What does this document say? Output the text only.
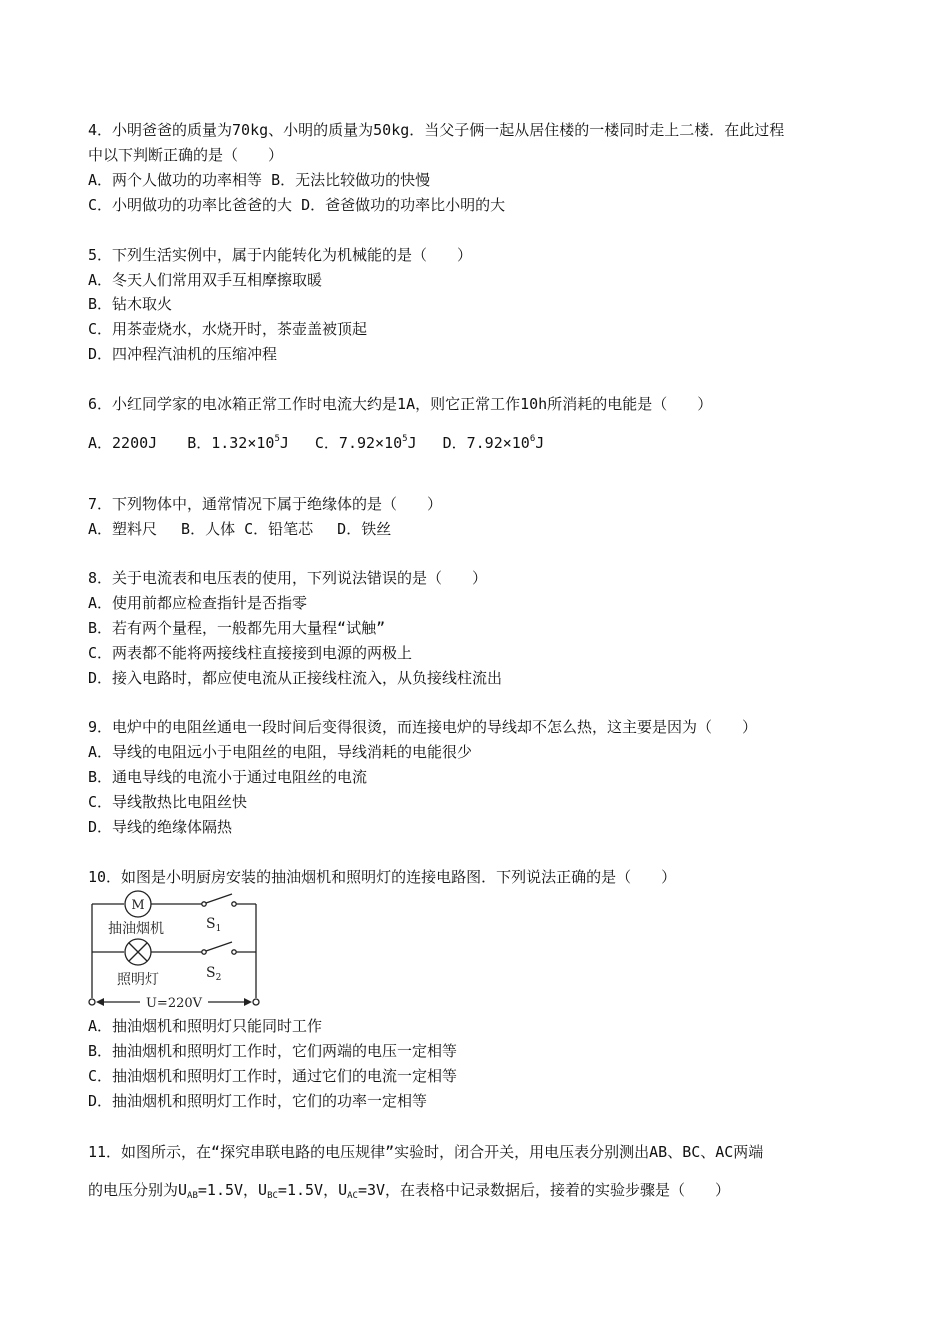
4．小明爸爸的质量为70kg、小明的质量为50kg．当父子俩一起从居住楼的一楼同时走上二楼．在此过程
中以下判断正确的是（　　）
A．两个人做功的功率相等 B．无法比较做功的快慢
C．小明做功的功率比爸爸的大 D．爸爸做功的功率比小明的大
5．下列生活实例中，属于内能转化为机械能的是（　　）
A．冬天人们常用双手互相摩擦取暖
B．钻木取火
C．用茶壶烧水，水烧开时，茶壶盖被顶起
D．四冲程汽油机的压缩冲程
6．小红同学家的电冰箱正常工作时电流大约是1A，则它正常工作10h所消耗的电能是（　　）
A．2200J B．$1.32\times 10^5J$ C．$7.92\times 10^5J$ D．$7.92\times 10^6J$
7．下列物体中，通常情况下属于绝缘体的是（　　）
A．塑料尺　 B．人体 C．铅笔芯　 D．铁丝
8．关于电流表和电压表的使用，下列说法错误的是（　　）
A．使用前都应检查指针是否指零
B．若有两个量程，一般都先用大量程“试触”
C．两表都不能将两接线柱直接接到电源的两极上
D．接入电路时，都应使电流从正接线柱流入，从负接线柱流出
9．电炉中的电阻丝通电一段时间后变得很烫，而连接电炉的导线却不怎么热，这主要是因为（　　）
A．导线的电阻远小于电阻丝的电阻，导线消耗的电能很少
B．通电导线的电流小于通过电阻丝的电流
C．导线散热比电阻丝快
D．导线的绝缘体隔热
10．如图是小明厨房安装的抽油烟机和照明灯的连接电路图．下列说法正确的是（　　）
M
抽油烟机
照明灯
$S_1$
$S_2$
U=220V
A．抽油烟机和照明灯只能同时工作
B．抽油烟机和照明灯工作时，它们两端的电压一定相等
C．抽油烟机和照明灯工作时，通过它们的电流一定相等
D．抽油烟机和照明灯工作时，它们的功率一定相等
11．如图所示，在“探究串联电路的电压规律”实验时，闭合开关，用电压表分别测出AB、BC、AC两端
的电压分别为$U_{AB}=1.5V$，$U_{BC}=1.5V$，$U_{AC}=3V$，在表格中记录数据后，接着的实验步骤是（　　）
